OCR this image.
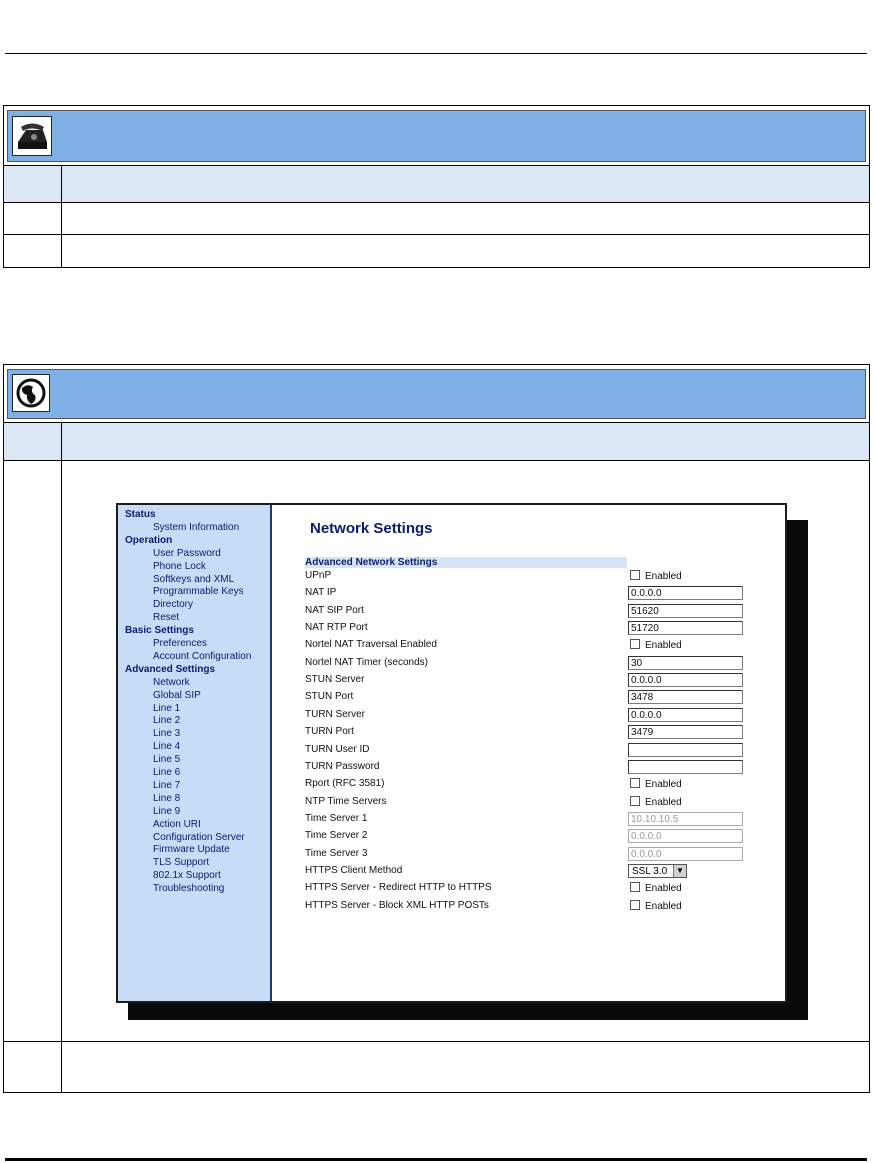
Status
System Information
Operation
User Password
Phone Lock
Softkeys and XML
Programmable Keys
Directory
Reset
Basic Settings
Preferences
Account Configuration
Advanced Settings
Network
Global SIP
Line 1
Line 2
Line 3
Line 4
Line 5
Line 6
Line 7
Line 8
Line 9
Action URI
Configuration Server
Firmware Update
TLS Support
802.1x Support
Troubleshooting
Network Settings
Advanced Network Settings
UPnP	Enabled
NAT IP	0.0.0.0
NAT SIP Port	51620
NAT RTP Port	51720
Nortel NAT Traversal Enabled	Enabled
Nortel NAT Timer (seconds)	30
STUN Server	0.0.0.0
STUN Port	3478
TURN Server	0.0.0.0
TURN Port	3479
TURN User ID
TURN Password
Rport (RFC 3581)	Enabled
NTP Time Servers	Enabled
Time Server 1	10.10.10.5
Time Server 2	0.0.0.0
Time Server 3	0.0.0.0
HTTPS Client Method	SSL 3.0	▼
HTTPS Server - Redirect HTTP to HTTPS	Enabled
HTTPS Server - Block XML HTTP POSTs	Enabled
